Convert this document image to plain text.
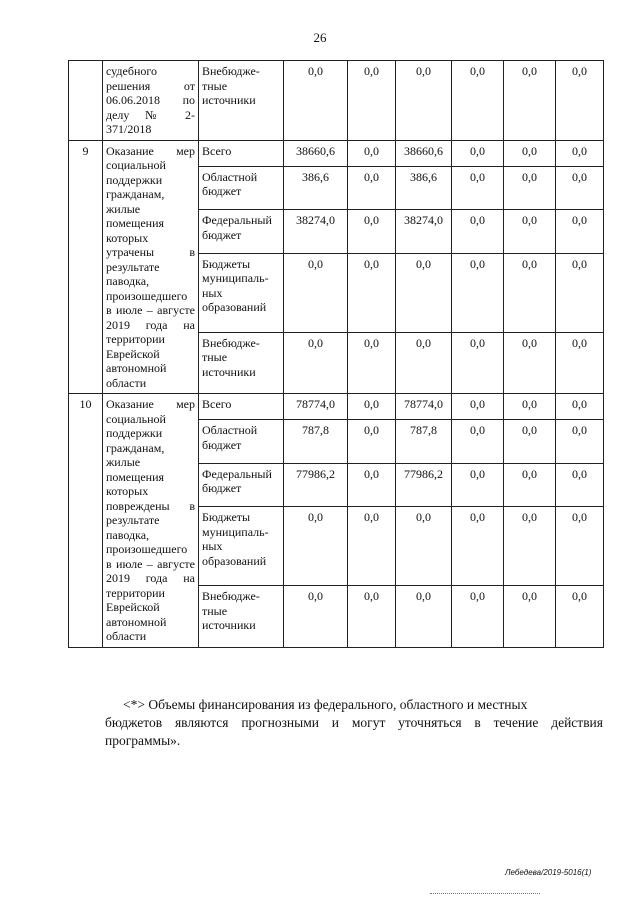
26
	судебного решения от 06.06.2018 по делу № 2-371/2018	Внебюдже-тные источники	0,0	0,0	0,0	0,0	0,0	0,0
9	Оказание мер социальной поддержки гражданам, жилые помещения которых утрачены в результате паводка, произошедшего в июле – августе 2019 года на территории Еврейской автономной области	Всего	38660,6	0,0	38660,6	0,0	0,0	0,0
		Областной бюджет	386,6	0,0	386,6	0,0	0,0	0,0
		Федеральный бюджет	38274,0	0,0	38274,0	0,0	0,0	0,0
		Бюджеты муниципаль-ных образований	0,0	0,0	0,0	0,0	0,0	0,0
		Внебюдже-тные источники	0,0	0,0	0,0	0,0	0,0	0,0
10	Оказание мер социальной поддержки гражданам, жилые помещения которых повреждены в результате паводка, произошедшего в июле – августе 2019 года на территории Еврейской автономной области	Всего	78774,0	0,0	78774,0	0,0	0,0	0,0
		Областной бюджет	787,8	0,0	787,8	0,0	0,0	0,0
		Федеральный бюджет	77986,2	0,0	77986,2	0,0	0,0	0,0
		Бюджеты муниципаль-ных образований	0,0	0,0	0,0	0,0	0,0	0,0
		Внебюдже-тные источники	0,0	0,0	0,0	0,0	0,0	0,0
<*> Объемы финансирования из федерального, областного и местных
бюджетов являются прогнозными и могут уточняться в течение действия программы».
Лебедева/2019-5016(1)
